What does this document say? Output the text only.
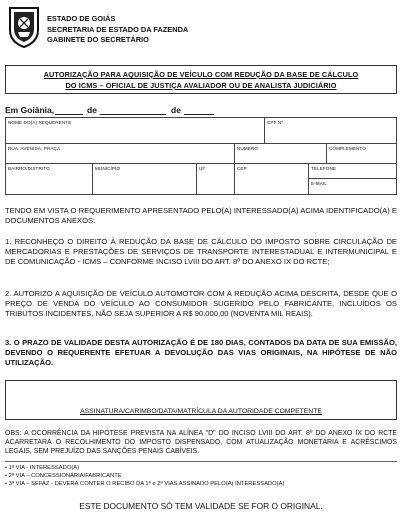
ESTADO DE GOIÁS
SECRETARIA DE ESTADO DA FAZENDA
GABINETE DO SECRETÁRIO
AUTORIZAÇÃO PARA AQUISIÇÃO DE VEÍCULO COM REDUÇÃO DA BASE DE CÁLCULO
DO ICMS – OFICIAL DE JUSTIÇA AVALIADOR OU DE ANALISTA JUDICIÁRIO
Em Goiânia,	de	de
NOME DO(A) REQUERENTE	CPF Nº
RUA, AVENIDA, PRAÇA	NÚMERO	COMPLEMENTO
BAIRRO/DISTRITO	MUNICÍPIO	UF	CEP	TELEFONE
E-MAIL
TENDO EM VISTA O REQUERIMENTO APRESENTADO PELO(A) INTERESSADO(A) ACIMA IDENTIFICADO(A) E DOCUMENTOS ANEXOS:
1. RECONHEÇO O DIREITO À REDUÇÃO DA BASE DE CÁLCULO DO IMPOSTO SOBRE CIRCULAÇÃO DE MERCADORIAS E PRESTAÇÕES DE SERVIÇOS DE TRANSPORTE INTERESTADUAL E INTERMUNICIPAL E DE COMUNICAÇÃO - ICMS – CONFORME INCISO LVIII DO ART. 8º DO ANEXO IX DO RCTE;
2. AUTORIZO A AQUISIÇÃO DE VEÍCULO AUTOMOTOR COM A REDUÇÃO ACIMA DESCRITA, DESDE QUE O PREÇO DE VENDA DO VEÍCULO AO CONSUMIDOR SUGERIDO PELO FABRICANTE, INCLUÍDOS OS TRIBUTOS INCIDENTES, NÃO SEJA SUPERIOR A R$ 90.000,00 (NOVENTA MIL REAIS).
3. O PRAZO DE VALIDADE DESTA AUTORIZAÇÃO É DE 180 DIAS, CONTADOS DA DATA DE SUA EMISSÃO, DEVENDO O REQUERENTE EFETUAR A DEVOLUÇÃO DAS VIAS ORIGINAIS, NA HIPÓTESE DE NÃO UTILIZAÇÃO.
ASSINATURA/CARIMBO/DATA/MATRÍCULA DA AUTORIDADE COMPETENTE
OBS: A OCORRÊNCIA DA HIPÓTESE PREVISTA NA ALÍNEA "D" DO INCISO LVIII DO ART. 8º DO ANEXO IX DO RCTE ACARRETARÁ O RECOLHIMENTO DO IMPOSTO DISPENSADO, COM ATUALIZAÇÃO MONETÁRIA E ACRÉSCIMOS LEGAIS, SEM PREJUÍZO DAS SANÇÕES PENAIS CABÍVEIS.
• 1ª VIA - INTERESSADO(A)
• 2ª VIA – CONCESSIONÁRIA/FABRICANTE
• 3ª VIA – SEFAZ - DEVERÁ CONTER O RECIBO DA 1ª e 2ª VIAS ASSINADO PELO(A) INTERESSADO(A)
ESTE DOCUMENTO SÓ TEM VALIDADE SE FOR O ORIGINAL.
